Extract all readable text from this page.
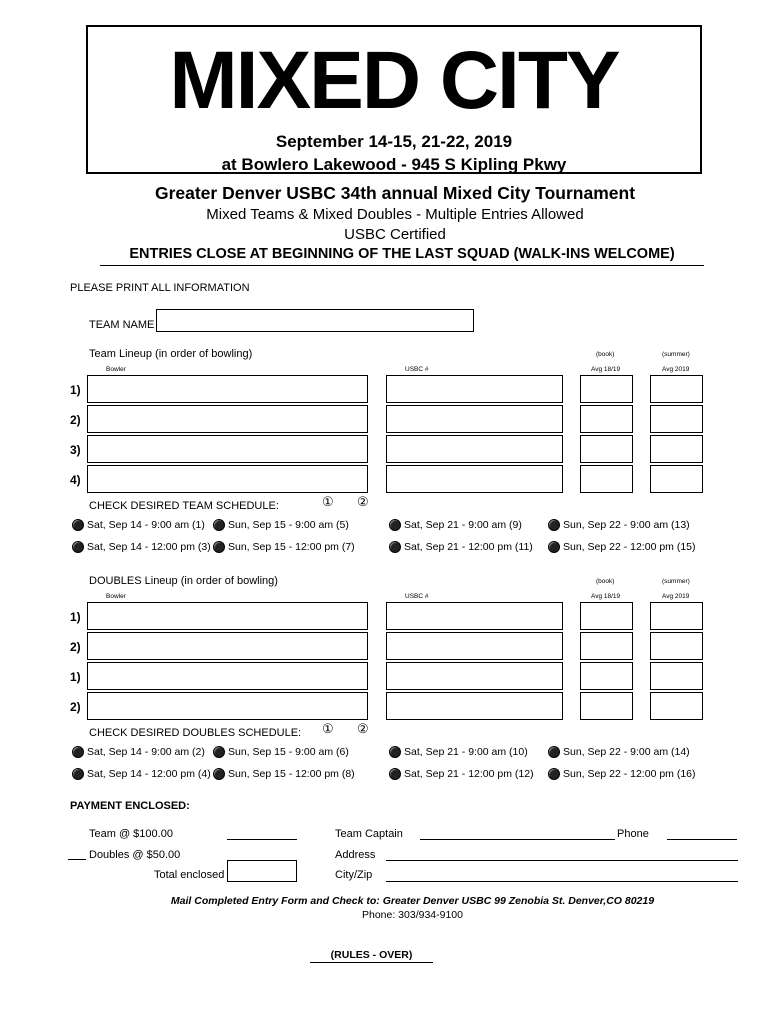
MIXED CITY
September 14-15, 21-22, 2019
at Bowlero Lakewood - 945 S Kipling Pkwy
Greater Denver USBC 34th annual Mixed City Tournament
Mixed Teams & Mixed Doubles - Multiple Entries Allowed
USBC Certified
ENTRIES CLOSE AT BEGINNING OF THE LAST SQUAD (WALK-INS WELCOME)
PLEASE PRINT ALL INFORMATION
TEAM NAME
Team Lineup (in order of bowling)	(book)	(summer)
Bowler	USBC #	Avg 18/19	Avg 2019
1)
2)
3)
4)
CHECK DESIRED TEAM SCHEDULE:	① ②
Sat, Sep 14 - 9:00 am (1)	Sun, Sep 15 - 9:00 am (5)	Sat, Sep 21 - 9:00 am (9)	Sun, Sep 22 - 9:00 am (13)
Sat, Sep 14 - 12:00 pm (3)	Sun, Sep 15 - 12:00 pm (7)	Sat, Sep 21 - 12:00 pm (11)	Sun, Sep 22 - 12:00 pm (15)
DOUBLES Lineup (in order of bowling)	(book)	(summer)
Bowler	USBC #	Avg 18/19	Avg 2019
1)
2)
1)
2)
CHECK DESIRED DOUBLES SCHEDULE: ① ②
Sat, Sep 14 - 9:00 am (2)	Sun, Sep 15 - 9:00 am (6)	Sat, Sep 21 - 9:00 am (10)	Sun, Sep 22 - 9:00 am (14)
Sat, Sep 14 - 12:00 pm (4)	Sun, Sep 15 - 12:00 pm (8)	Sat, Sep 21 - 12:00 pm (12)	Sun, Sep 22 - 12:00 pm (16)
PAYMENT ENCLOSED:
Team @ $100.00
Doubles @ $50.00
Total enclosed
Team Captain	Phone
Address
City/Zip
Mail Completed Entry Form and Check to: Greater Denver USBC 99 Zenobia St. Denver,CO 80219
Phone: 303/934-9100
(RULES - OVER)
